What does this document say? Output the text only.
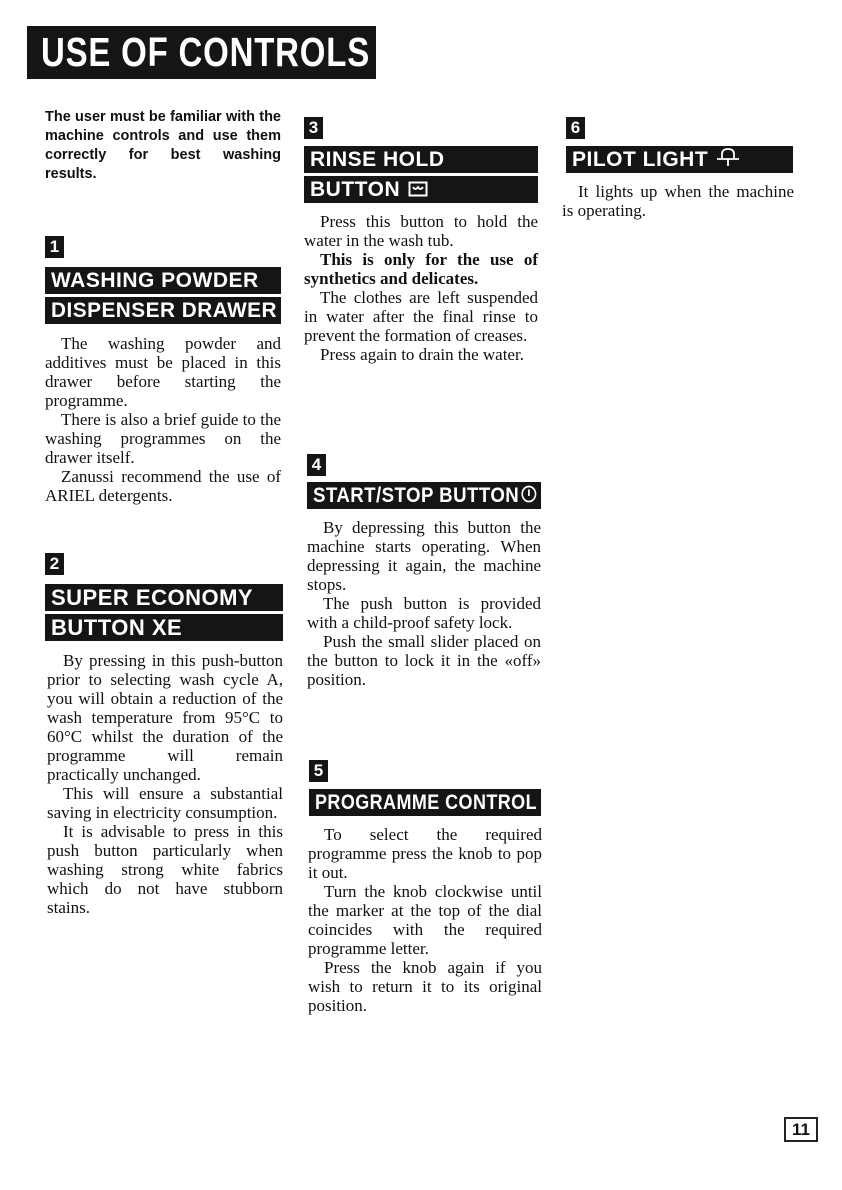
USE OF CONTROLS

The user must be familiar with the machine controls and use them correctly for best washing results.

1
WASHING POWDER
DISPENSER DRAWER

The washing powder and additives must be placed in this drawer before starting the programme.

There is also a brief guide to the washing programmes on the drawer itself.

Zanussi recommend the use of ARIEL detergents.

2
SUPER ECONOMY
BUTTON XE

By pressing in this push-button prior to selecting wash cycle A, you will obtain a reduction of the wash temperature from 95°C to 60°C whilst the duration of the programme will remain practically unchanged.

This will ensure a substantial saving in electricity consumption.

It is advisable to press in this push button particularly when washing strong white fabrics which do not have stubborn stains.

3
RINSE HOLD
BUTTON

Press this button to hold the water in the wash tub.

This is only for the use of synthetics and delicates.

The clothes are left suspended in water after the final rinse to prevent the formation of creases.

Press again to drain the water.

4
START/STOP BUTTON

By depressing this button the machine starts operating. When depressing it again, the machine stops.

The push button is provided with a child-proof safety lock.

Push the small slider placed on the button to lock it in the «off» position.

5
PROGRAMME CONTROL

To select the required programme press the knob to pop it out.

Turn the knob clockwise until the marker at the top of the dial coincides with the required programme letter.

Press the knob again if you wish to return it to its original position.

6
PILOT LIGHT

It lights up when the machine is operating.

11
